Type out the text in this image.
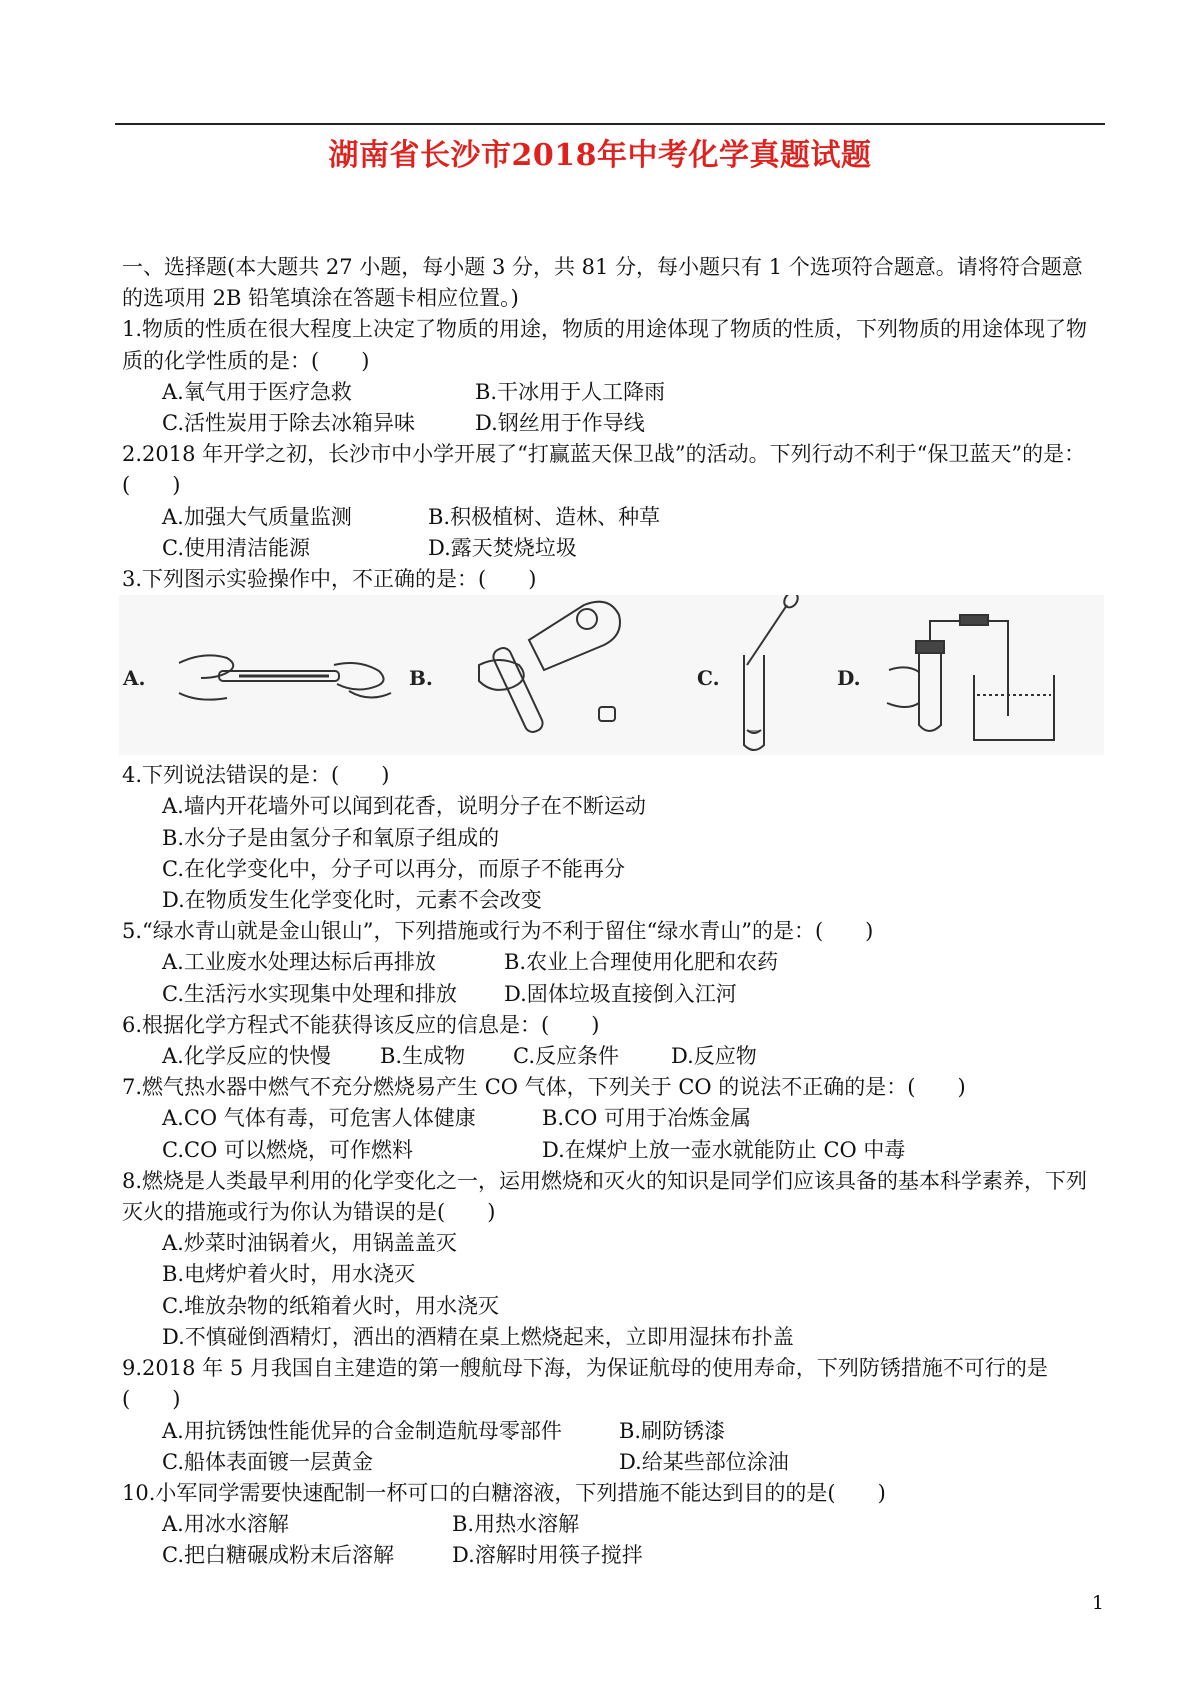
湖南省长沙市2018年中考化学真题试题
一、选择题(本大题共 27 小题，每小题 3 分，共 81 分，每小题只有 1 个选项符合题意。请将符合题意的选项用 2B 铅笔填涂在答题卡相应位置。)
1.物质的性质在很大程度上决定了物质的用途，物质的用途体现了物质的性质，下列物质的用途体现了物质的化学性质的是：(　　)
A.氧气用于医疗急救	B.干冰用于人工降雨
C.活性炭用于除去冰箱异味	D.钢丝用于作导线
2.2018 年开学之初，长沙市中小学开展了“打赢蓝天保卫战”的活动。下列行动不利于“保卫蓝天”的是：(　　)
A.加强大气质量监测	B.积极植树、造林、种草
C.使用清洁能源	D.露天焚烧垃圾
3.下列图示实验操作中，不正确的是：(　　)
A.	B.	C.	D.
4.下列说法错误的是：(　　)
A.墙内开花墙外可以闻到花香，说明分子在不断运动
B.水分子是由氢分子和氧原子组成的
C.在化学变化中，分子可以再分，而原子不能再分
D.在物质发生化学变化时，元素不会改变
5.“绿水青山就是金山银山”，下列措施或行为不利于留住“绿水青山”的是：(　　)
A.工业废水处理达标后再排放	B.农业上合理使用化肥和农药
C.生活污水实现集中处理和排放	D.固体垃圾直接倒入江河
6.根据化学方程式不能获得该反应的信息是：(　　)
A.化学反应的快慢	B.生成物	C.反应条件	D.反应物
7.燃气热水器中燃气不充分燃烧易产生 CO 气体，下列关于 CO 的说法不正确的是：(　　)
A.CO 气体有毒，可危害人体健康	B.CO 可用于冶炼金属
C.CO 可以燃烧，可作燃料	D.在煤炉上放一壶水就能防止 CO 中毒
8.燃烧是人类最早利用的化学变化之一，运用燃烧和灭火的知识是同学们应该具备的基本科学素养，下列灭火的措施或行为你认为错误的是(　　)
A.炒菜时油锅着火，用锅盖盖灭
B.电烤炉着火时，用水浇灭
C.堆放杂物的纸箱着火时，用水浇灭
D.不慎碰倒酒精灯，洒出的酒精在桌上燃烧起来，立即用湿抹布扑盖
9.2018 年 5 月我国自主建造的第一艘航母下海，为保证航母的使用寿命，下列防锈措施不可行的是(　　)
A.用抗锈蚀性能优异的合金制造航母零部件	B.刷防锈漆
C.船体表面镀一层黄金	D.给某些部位涂油
10.小军同学需要快速配制一杯可口的白糖溶液，下列措施不能达到目的的是(　　)
A.用冰水溶解	B.用热水溶解
C.把白糖碾成粉末后溶解	D.溶解时用筷子搅拌
1
